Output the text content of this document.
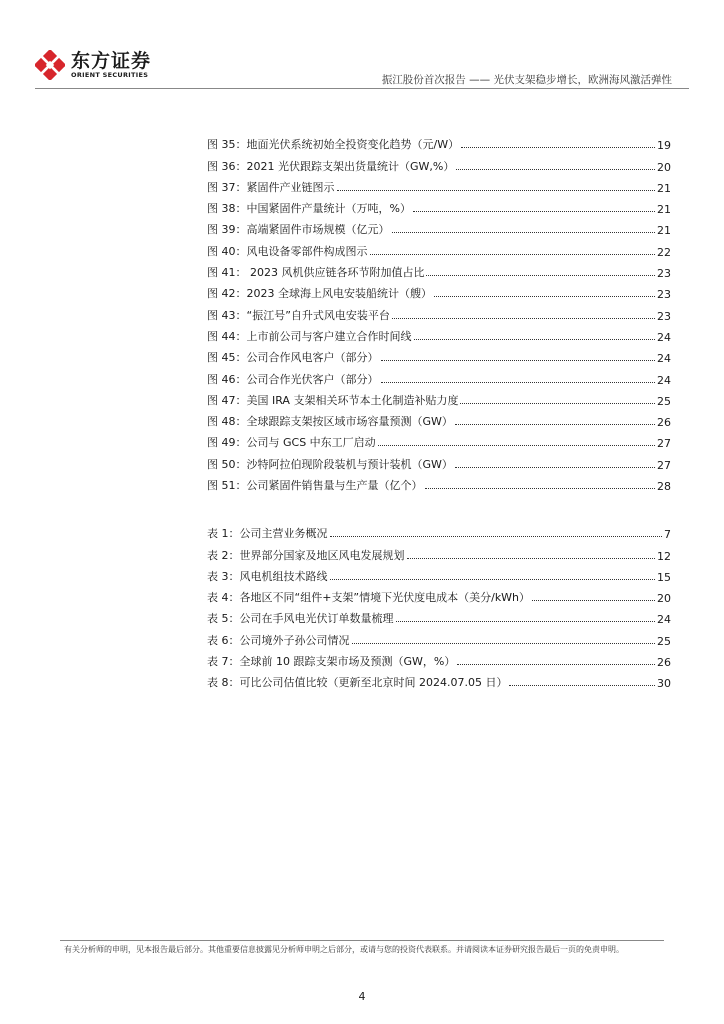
东方证券
ORIENT SECURITIES	振江股份首次报告 —— 光伏支架稳步增长，欧洲海风激活弹性
图 35：地面光伏系统初始全投资变化趋势（元/W）	19
图 36：2021 光伏跟踪支架出货量统计（GW,%）	20
图 37：紧固件产业链图示	21
图 38：中国紧固件产量统计（万吨，%）	21
图 39：高端紧固件市场规模（亿元）	21
图 40：风电设备零部件构成图示	22
图 41： 2023 风机供应链各环节附加值占比	23
图 42：2023 全球海上风电安装船统计（艘）	23
图 43：“振江号”自升式风电安装平台	23
图 44：上市前公司与客户建立合作时间线	24
图 45：公司合作风电客户（部分）	24
图 46：公司合作光伏客户（部分）	24
图 47：美国 IRA 支架相关环节本土化制造补贴力度	25
图 48：全球跟踪支架按区域市场容量预测（GW）	26
图 49：公司与 GCS 中东工厂启动	27
图 50：沙特阿拉伯现阶段装机与预计装机（GW）	27
图 51：公司紧固件销售量与生产量（亿个）	28
表 1：公司主营业务概况	7
表 2：世界部分国家及地区风电发展规划	12
表 3：风电机组技术路线	15
表 4：各地区不同“组件+支架”情境下光伏度电成本（美分/kWh）	20
表 5：公司在手风电光伏订单数量梳理	24
表 6：公司境外子孙公司情况	25
表 7：全球前 10 跟踪支架市场及预测（GW，%）	26
表 8：可比公司估值比较（更新至北京时间 2024.07.05 日）	30
有关分析师的申明，见本报告最后部分。其他重要信息披露见分析师申明之后部分，或请与您的投资代表联系。并请阅读本证券研究报告最后一页的免责申明。
4
